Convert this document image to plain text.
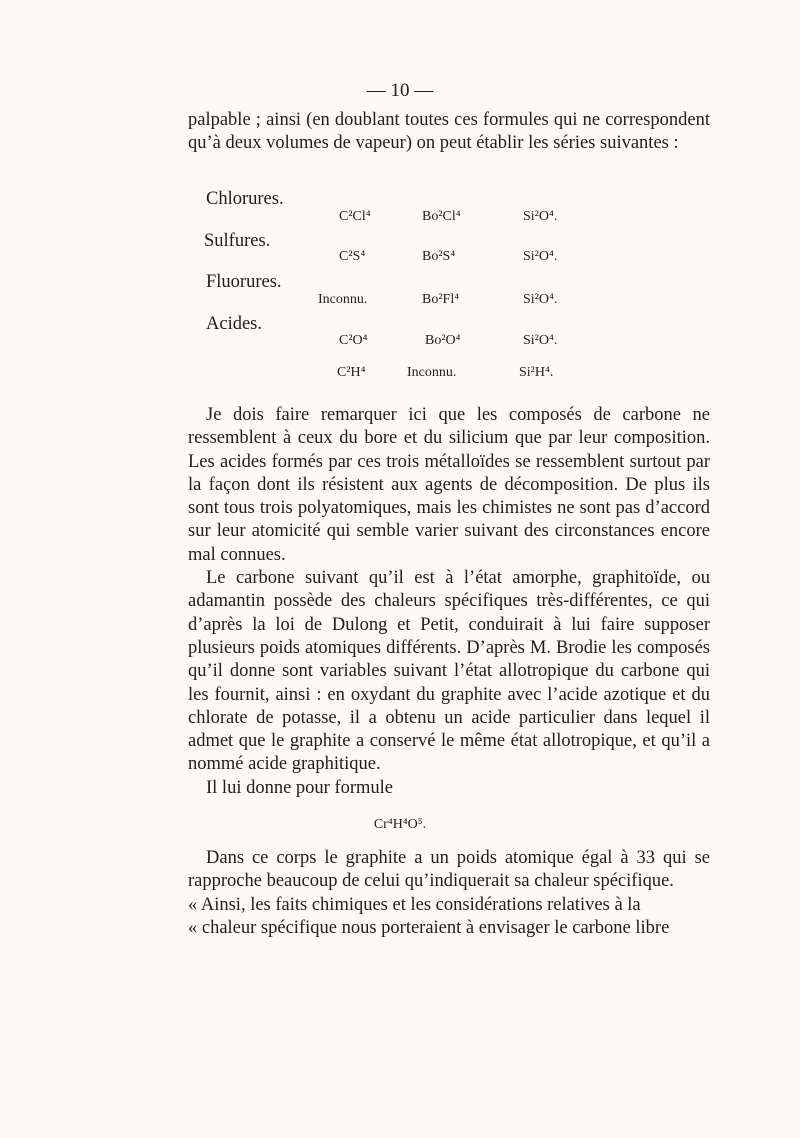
— 10 —
palpable ; ainsi (en doublant toutes ces formules qui ne correspondent qu’à deux volumes de vapeur) on peut établir les séries suivantes :
Chlorures.
C²Cl⁴	Bo²Cl⁴	Si²O⁴.
Sulfures.
C²S⁴	Bo²S⁴	Si²O⁴.
Fluorures.
Inconnu.	Bo²Fl⁴	Si²O⁴.
Acides.
C²O⁴	Bo²O⁴	Si²O⁴.
C²H⁴	Inconnu.	Si²H⁴.

Je dois faire remarquer ici que les composés de carbone ne ressemblent à ceux du bore et du silicium que par leur composition. Les acides formés par ces trois métalloïdes se ressemblent surtout par la façon dont ils résistent aux agents de décomposition. De plus ils sont tous trois polyatomiques, mais les chimistes ne sont pas d’accord sur leur atomicité qui semble varier suivant des circonstances encore mal connues.

Le carbone suivant qu’il est à l’état amorphe, graphitoïde, ou adamantin possède des chaleurs spécifiques très-différentes, ce qui d’après la loi de Dulong et Petit, conduirait à lui faire supposer plusieurs poids atomiques différents. D’après M. Brodie les composés qu’il donne sont variables suivant l’état allotropique du carbone qui les fournit, ainsi : en oxydant du graphite avec l’acide azotique et du chlorate de potasse, il a obtenu un acide particulier dans lequel il admet que le graphite a conservé le même état allotropique, et qu’il a nommé acide graphitique.

Il lui donne pour formule

Cr⁴H⁴O⁵.

Dans ce corps le graphite a un poids atomique égal à 33 qui se rapproche beaucoup de celui qu’indiquerait sa chaleur spécifique.

« Ainsi, les faits chimiques et les considérations relatives à la
« chaleur spécifique nous porteraient à envisager le carbone libre
